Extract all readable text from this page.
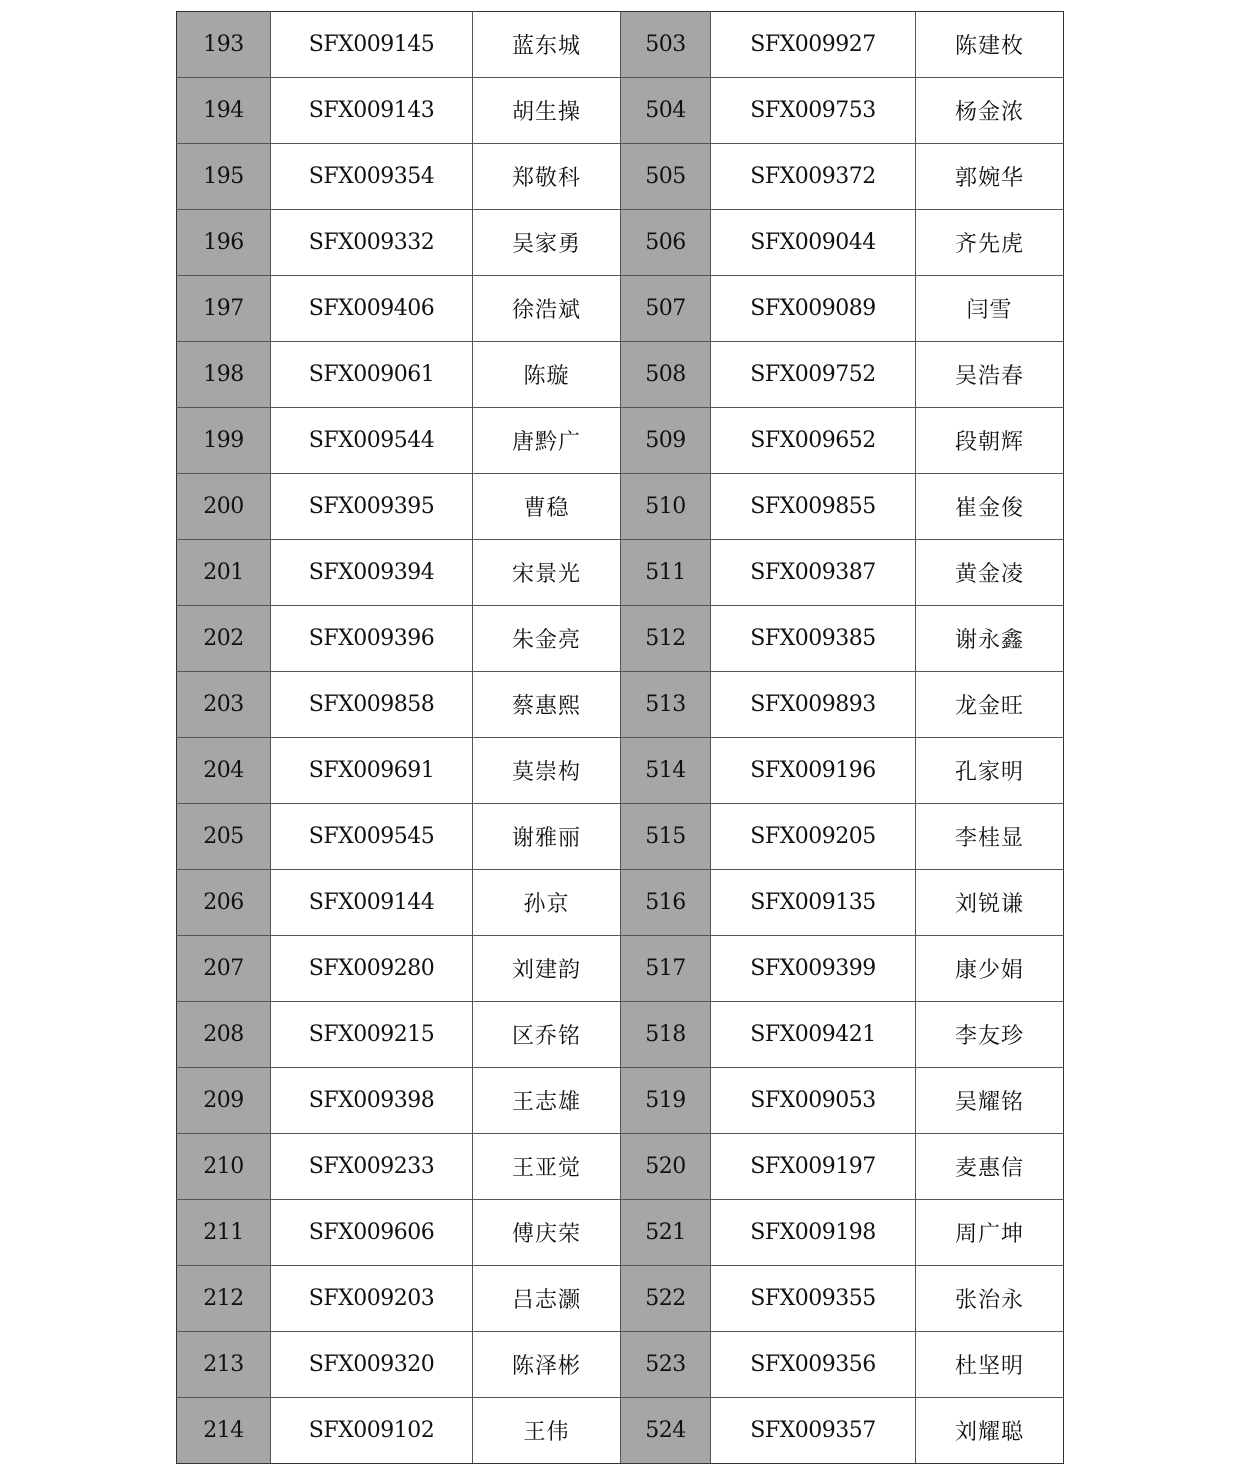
193	SFX009145	蓝东城	503	SFX009927	陈建枚
194	SFX009143	胡生操	504	SFX009753	杨金浓
195	SFX009354	郑敬科	505	SFX009372	郭婉华
196	SFX009332	吴家勇	506	SFX009044	齐先虎
197	SFX009406	徐浩斌	507	SFX009089	闫雪
198	SFX009061	陈璇	508	SFX009752	吴浩春
199	SFX009544	唐黔广	509	SFX009652	段朝辉
200	SFX009395	曹稳	510	SFX009855	崔金俊
201	SFX009394	宋景光	511	SFX009387	黄金凌
202	SFX009396	朱金亮	512	SFX009385	谢永鑫
203	SFX009858	蔡惠熙	513	SFX009893	龙金旺
204	SFX009691	莫崇构	514	SFX009196	孔家明
205	SFX009545	谢雅丽	515	SFX009205	李桂显
206	SFX009144	孙京	516	SFX009135	刘锐谦
207	SFX009280	刘建韵	517	SFX009399	康少娟
208	SFX009215	区乔铭	518	SFX009421	李友珍
209	SFX009398	王志雄	519	SFX009053	吴耀铭
210	SFX009233	王亚觉	520	SFX009197	麦惠信
211	SFX009606	傅庆荣	521	SFX009198	周广坤
212	SFX009203	吕志灏	522	SFX009355	张治永
213	SFX009320	陈泽彬	523	SFX009356	杜坚明
214	SFX009102	王伟	524	SFX009357	刘耀聪
